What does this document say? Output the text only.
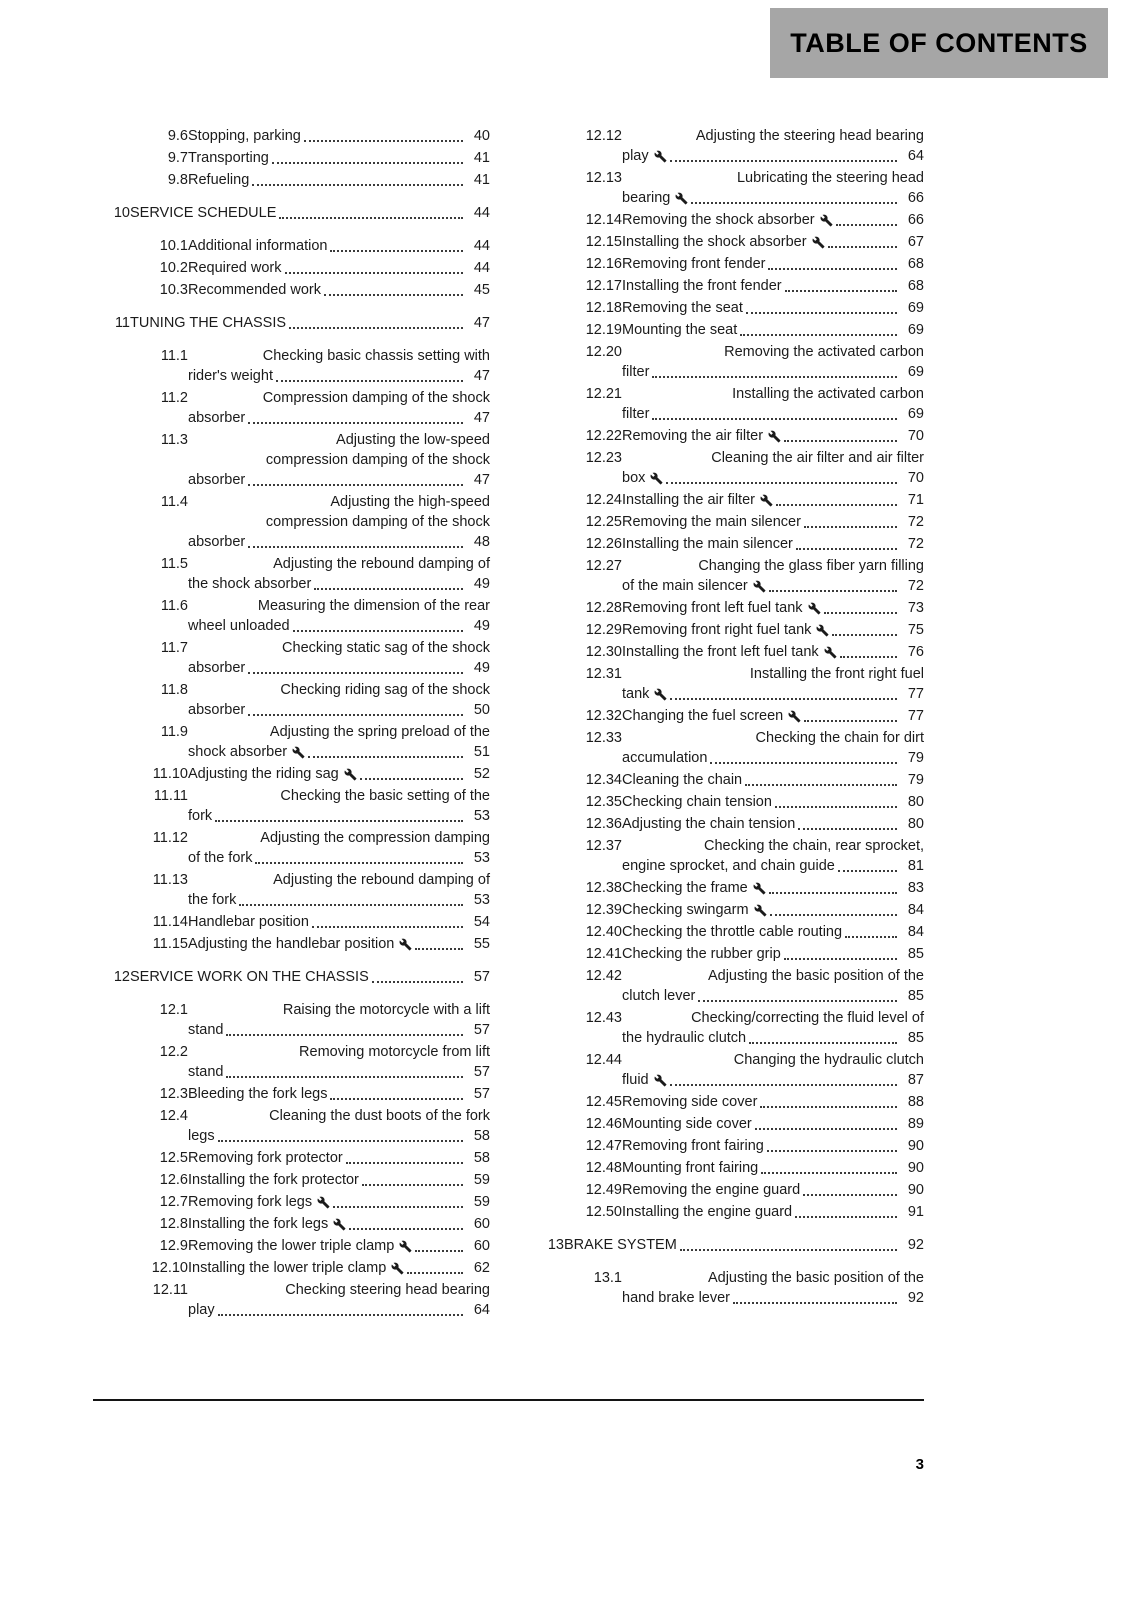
TABLE OF CONTENTS
9.6 Stopping, parking	40
9.7 Transporting	41
9.8 Refueling	41
10 SERVICE SCHEDULE	44
10.1 Additional information	44
10.2 Required work	44
10.3 Recommended work	45
11 TUNING THE CHASSIS	47
11.1	Checking basic chassis setting with
rider's weight	47
11.2	Compression damping of the shock
absorber	47
11.3	Adjusting the low-speed
compression damping of the shock
absorber	47
11.4	Adjusting the high-speed
compression damping of the shock
absorber	48
11.5	Adjusting the rebound damping of
the shock absorber	49
11.6	Measuring the dimension of the rear
wheel unloaded	49
11.7	Checking static sag of the shock
absorber	49
11.8	Checking riding sag of the shock
absorber	50
11.9	Adjusting the spring preload of the
shock absorber	51
11.10 Adjusting the riding sag	52
11.11	Checking the basic setting of the
fork	53
11.12	Adjusting the compression damping
of the fork	53
11.13	Adjusting the rebound damping of
the fork	53
11.14 Handlebar position	54
11.15 Adjusting the handlebar position	55
12 SERVICE WORK ON THE CHASSIS	57
12.1	Raising the motorcycle with a lift
stand	57
12.2	Removing motorcycle from lift
stand	57
12.3 Bleeding the fork legs	57
12.4	Cleaning the dust boots of the fork
legs	58
12.5 Removing fork protector	58
12.6 Installing the fork protector	59
12.7 Removing fork legs	59
12.8 Installing the fork legs	60
12.9 Removing the lower triple clamp	60
12.10 Installing the lower triple clamp	62
12.11	Checking steering head bearing
play	64
12.12	Adjusting the steering head bearing
play	64
12.13	Lubricating the steering head
bearing	66
12.14 Removing the shock absorber	66
12.15 Installing the shock absorber	67
12.16 Removing front fender	68
12.17 Installing the front fender	68
12.18 Removing the seat	69
12.19 Mounting the seat	69
12.20	Removing the activated carbon
filter	69
12.21	Installing the activated carbon
filter	69
12.22 Removing the air filter	70
12.23	Cleaning the air filter and air filter
box	70
12.24 Installing the air filter	71
12.25 Removing the main silencer	72
12.26 Installing the main silencer	72
12.27	Changing the glass fiber yarn filling
of the main silencer	72
12.28 Removing front left fuel tank	73
12.29 Removing front right fuel tank	75
12.30 Installing the front left fuel tank	76
12.31	Installing the front right fuel
tank	77
12.32 Changing the fuel screen	77
12.33	Checking the chain for dirt
accumulation	79
12.34 Cleaning the chain	79
12.35 Checking chain tension	80
12.36 Adjusting the chain tension	80
12.37	Checking the chain, rear sprocket,
engine sprocket, and chain guide	81
12.38 Checking the frame	83
12.39 Checking swingarm	84
12.40 Checking the throttle cable routing	84
12.41 Checking the rubber grip	85
12.42	Adjusting the basic position of the
clutch lever	85
12.43	Checking/correcting the fluid level of
the hydraulic clutch	85
12.44	Changing the hydraulic clutch
fluid	87
12.45 Removing side cover	88
12.46 Mounting side cover	89
12.47 Removing front fairing	90
12.48 Mounting front fairing	90
12.49 Removing the engine guard	90
12.50 Installing the engine guard	91
13 BRAKE SYSTEM	92
13.1	Adjusting the basic position of the
hand brake lever	92
3
